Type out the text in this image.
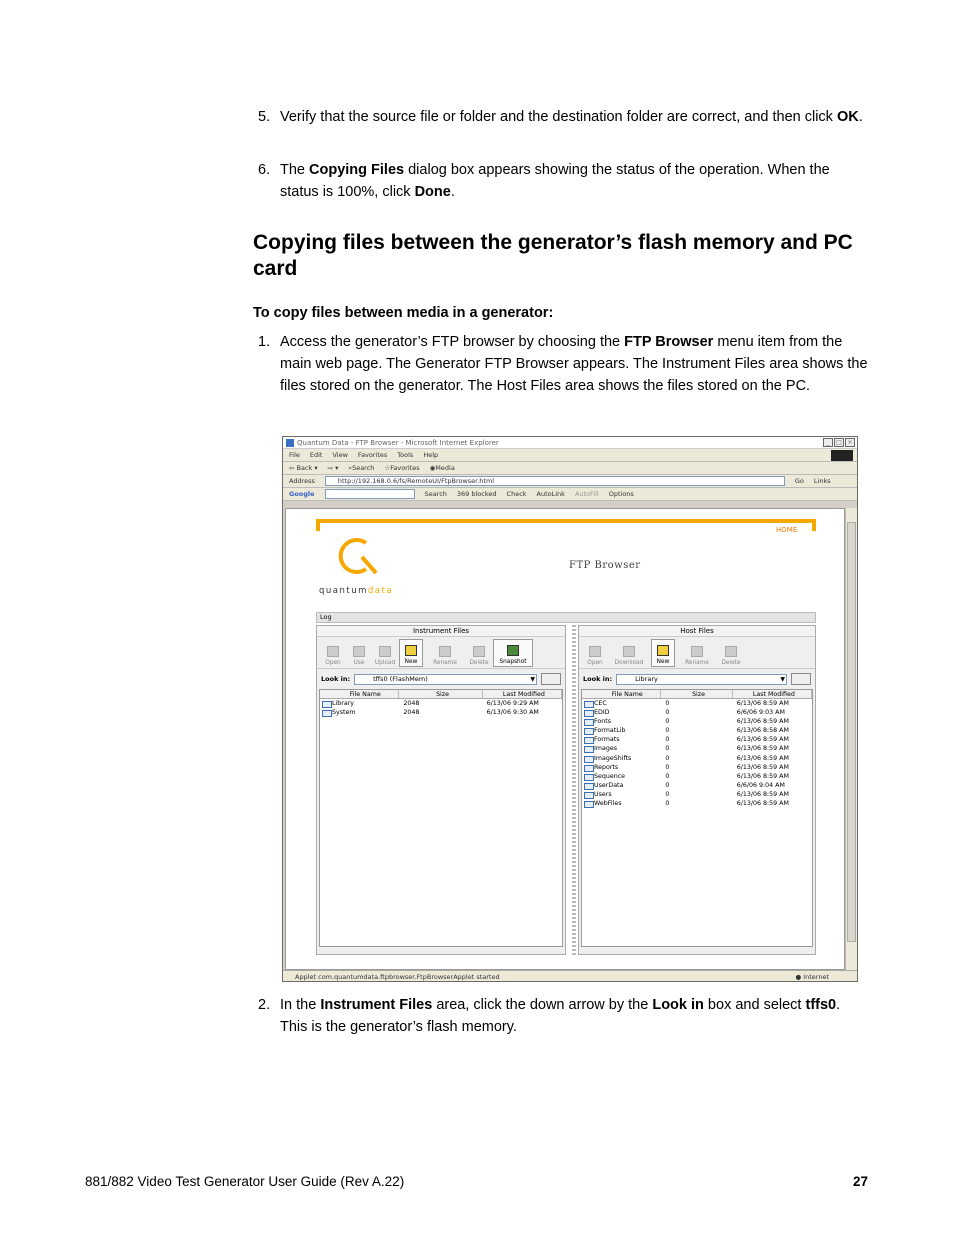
5. Verify that the source file or folder and the destination folder are correct, and then click OK.
6. The Copying Files dialog box appears showing the status of the operation. When the status is 100%, click Done.
Copying files between the generator’s flash memory and PC card
To copy files between media in a generator:
1. Access the generator’s FTP browser by choosing the FTP Browser menu item from the main web page. The Generator FTP Browser appears. The Instrument Files area shows the files stored on the generator. The Host Files area shows the files stored on the PC.
Quantum Data - FTP Browser - Microsoft Internet Explorer	_	□ ×
File Edit View Favorites Tools Help
⇦ Back ▾ ⇨ ▾ ⌕Search ☆Favorites ◉Media
Address	http://192.168.0.6/fs/RemoteUI/FtpBrowser.html	Go Links
Google	Search 369 blocked Check AutoLink AutoFill Options
HOME
quantumdata
FTP Browser
Log
Instrument Files
Open Use Upload New	Rename Delete Snapshot
Look in:	tffs0 (FlashMem) ▼
File Name	Size	Last Modified
Library	2048	6/13/06 9:29 AM
System	2048	6/13/06 9:30 AM
Host Files
Open Download New	Rename Delete
Look in:	Library ▼
File Name	Size	Last Modified
CEC	0	6/13/06 8:59 AM
EDID	0	6/6/06 9:03 AM
Fonts	0	6/13/06 8:59 AM
FormatLib	0	6/13/06 8:58 AM
Formats	0	6/13/06 8:59 AM
Images	0	6/13/06 8:59 AM
ImageShifts	0	6/13/06 8:59 AM
Reports	0	6/13/06 8:59 AM
Sequence	0	6/13/06 8:59 AM
UserData	0	6/6/06 9:04 AM
Users	0	6/13/06 8:59 AM
WebFiles	0	6/13/06 8:59 AM
Applet com.quantumdata.ftpbrowser.FtpBrowserApplet started	● Internet
2. In the Instrument Files area, click the down arrow by the Look in box and select tffs0. This is the generator’s flash memory.
881/882 Video Test Generator User Guide (Rev A.22)	27
